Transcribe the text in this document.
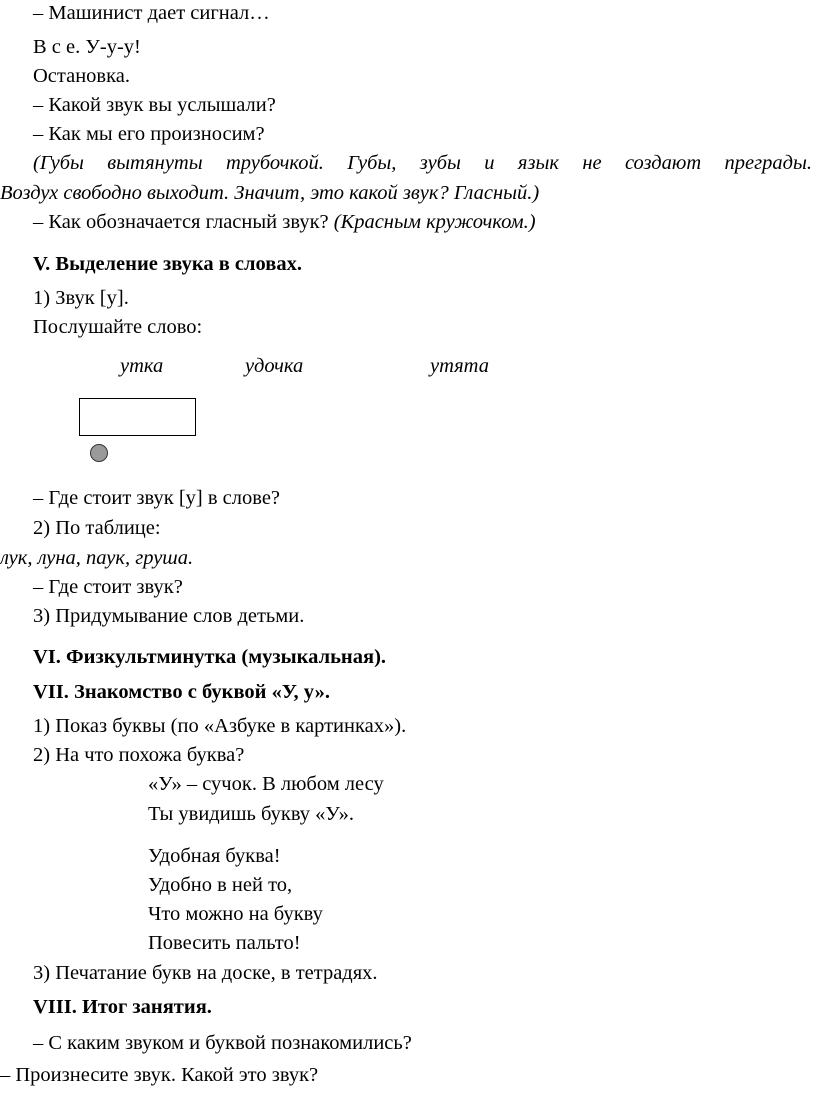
– Машинист дает сигнал…
В с е. У-у-у!
Остановка.
– Какой звук вы услышали?
– Как мы его произносим?
(Губы вытянуты трубочкой. Губы, зубы и язык не создают преграды.
Воздух свободно выходит. Значит, это какой звук? Гласный.)
– Как обозначается гласный звук? (Красным кружочком.)
V. Выделение звука в словах.
1) Звук [у].
Послушайте слово:
утка	удочка	утята
– Где стоит звук [у] в слове?
2) По таблице:
лук, луна, паук, груша.
– Где стоит звук?
3) Придумывание слов детьми.
VI. Физкультминутка (музыкальная).
VII. Знакомство с буквой «У, у».
1) Показ буквы (по «Азбуке в картинках»).
2) На что похожа буква?
«У» – сучок. В любом лесу
Ты увидишь букву «У».
Удобная буква!
Удобно в ней то,
Что можно на букву
Повесить пальто!
3) Печатание букв на доске, в тетрадях.
VIII. Итог занятия.
– С каким звуком и буквой познакомились?
– Произнесите звук. Какой это звук?
